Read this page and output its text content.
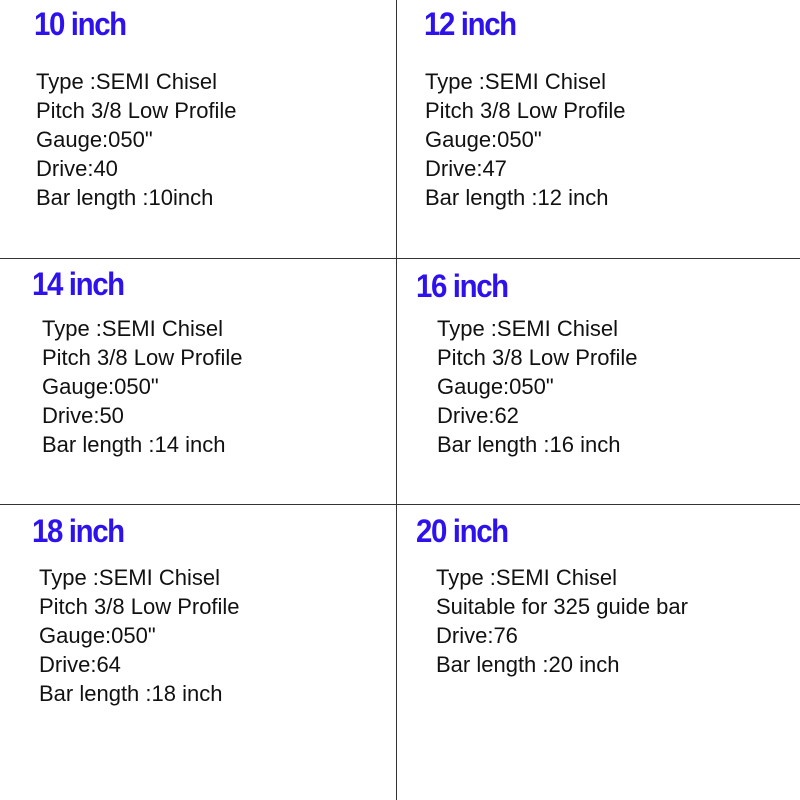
10 inch
Type :SEMI Chisel
Pitch 3/8 Low Profile
Gauge:050"
Drive:40
Bar length :10inch
12 inch
Type :SEMI Chisel
Pitch 3/8 Low Profile
Gauge:050"
Drive:47
Bar length :12 inch
14 inch
Type :SEMI Chisel
Pitch 3/8 Low Profile
Gauge:050"
Drive:50
Bar length :14 inch
16 inch
Type :SEMI Chisel
Pitch 3/8 Low Profile
Gauge:050"
Drive:62
Bar length :16 inch
18 inch
Type :SEMI Chisel
Pitch 3/8 Low Profile
Gauge:050"
Drive:64
Bar length :18 inch
20 inch
Type :SEMI Chisel
Suitable for 325 guide bar
Drive:76
Bar length :20 inch
